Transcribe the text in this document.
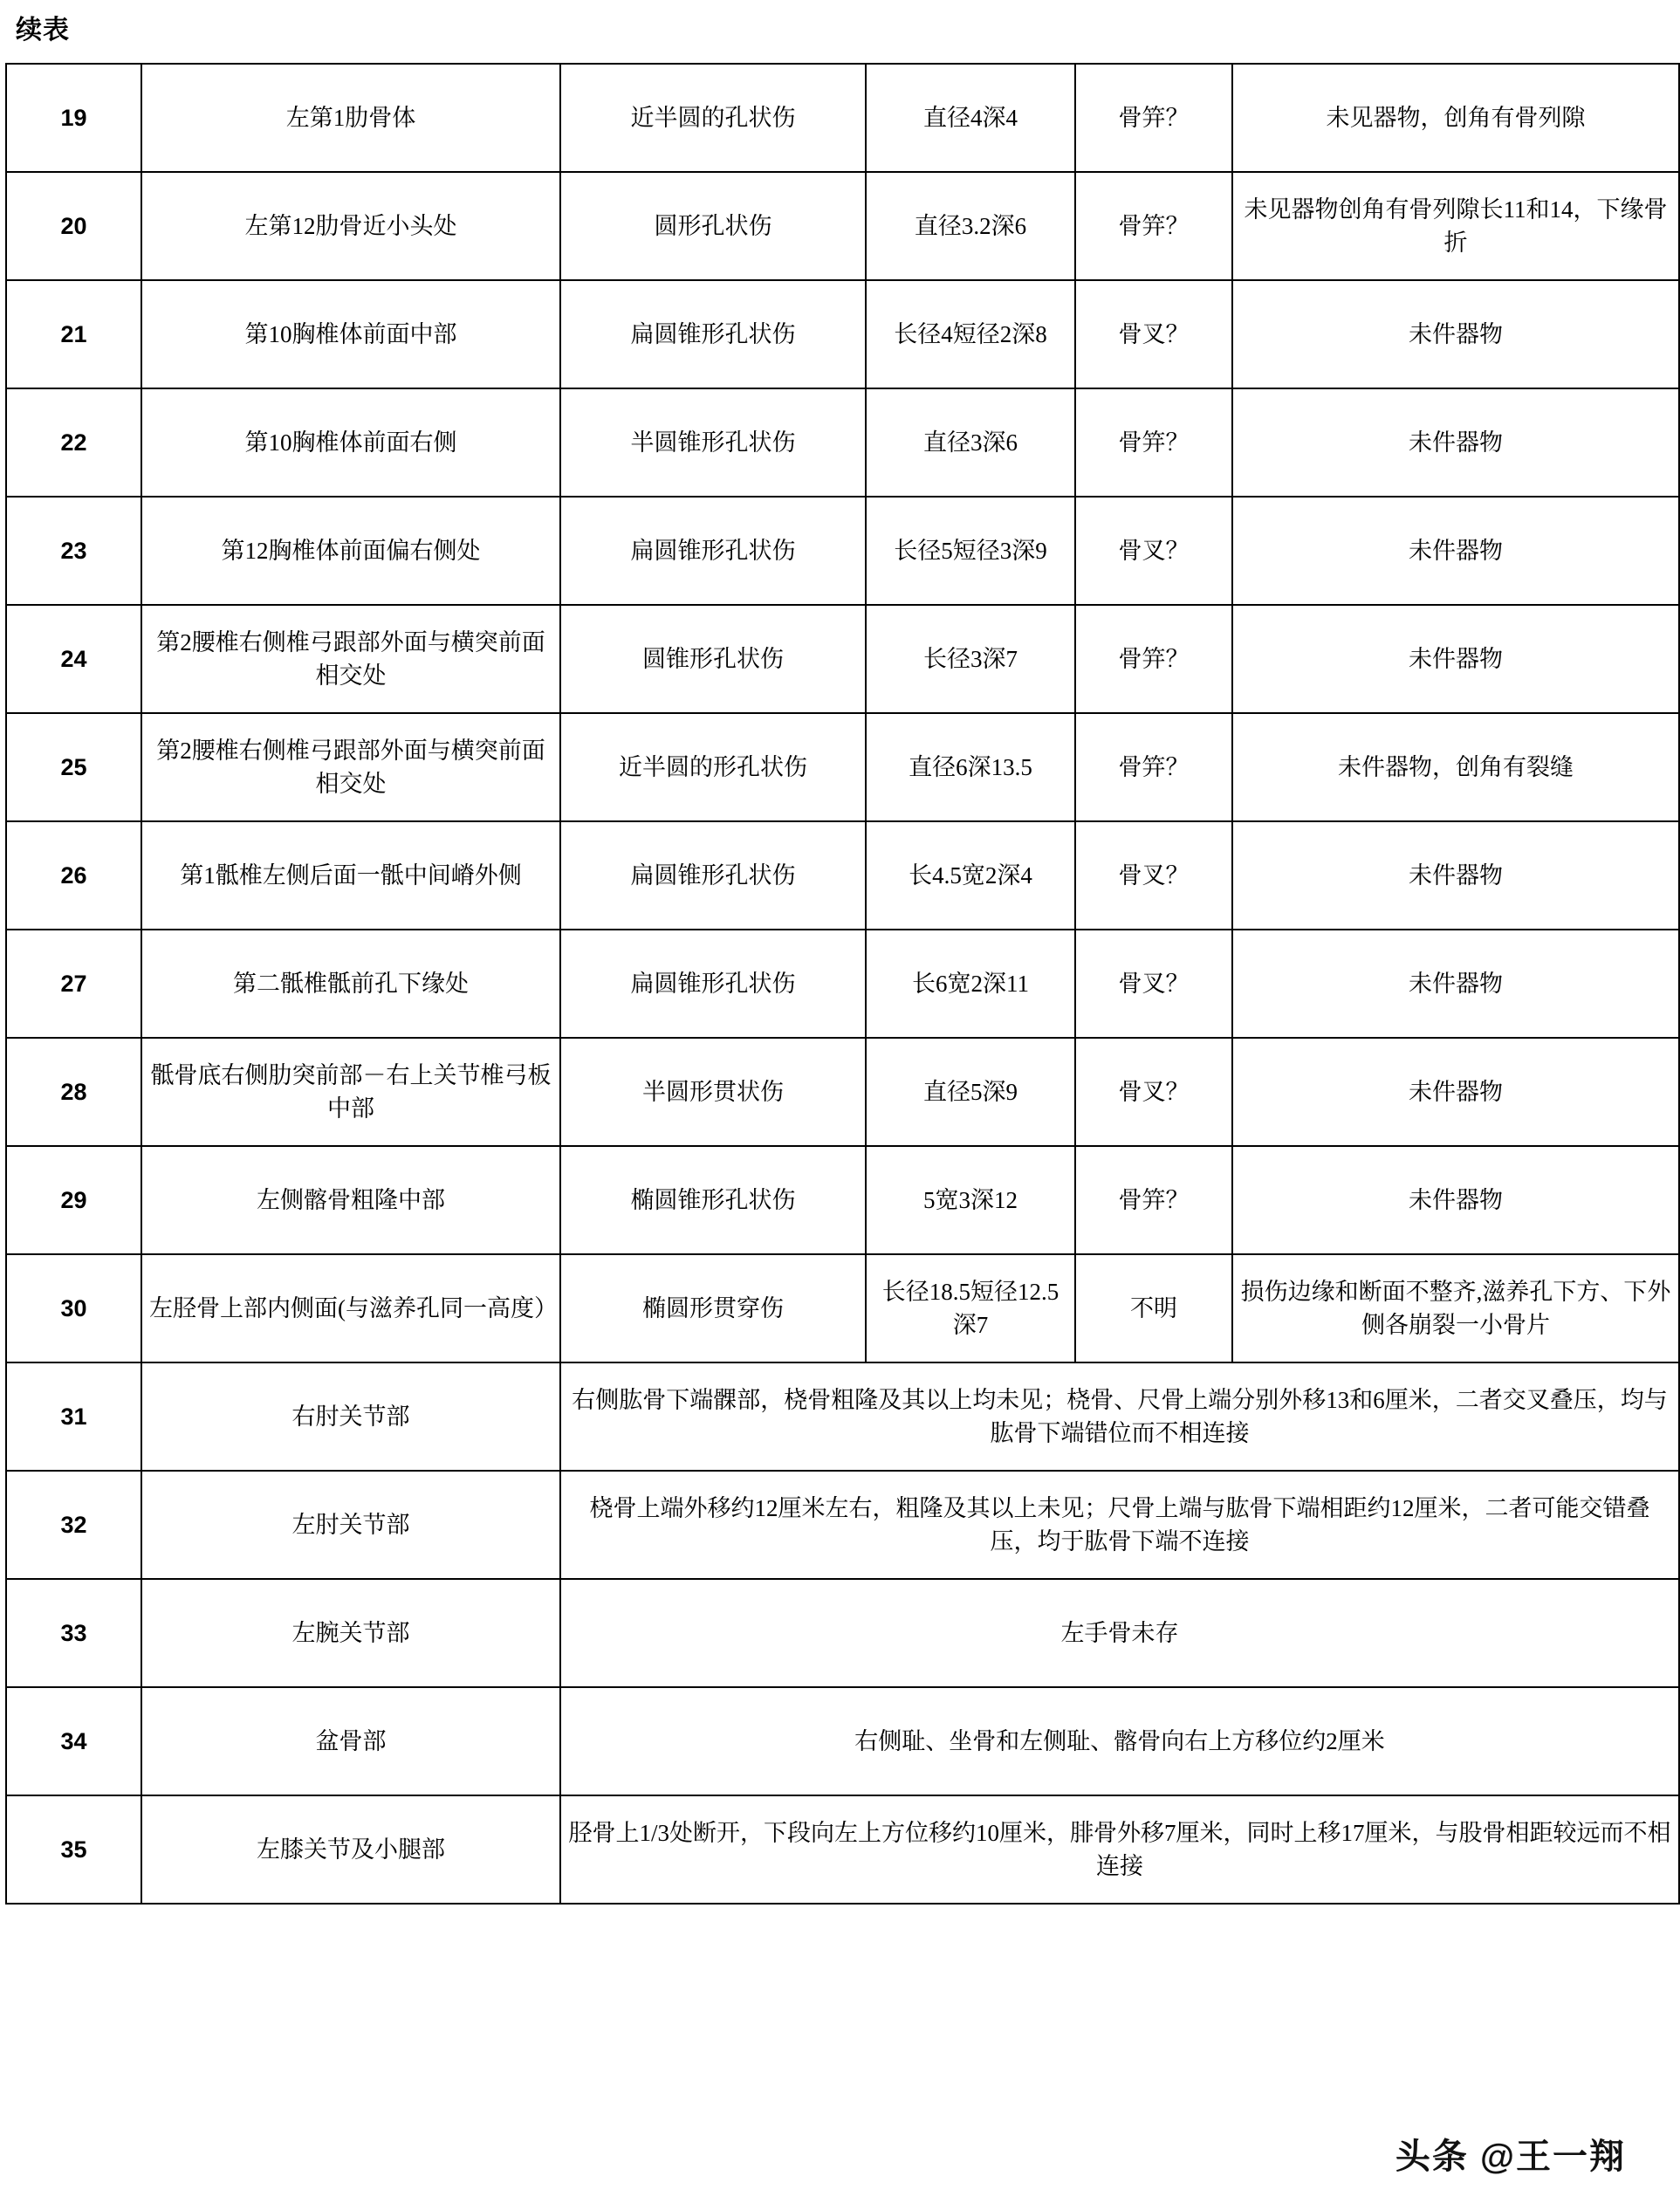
续表
19	左第1肋骨体	近半圆的孔状伤	直径4深4	骨笄？	未见器物，创角有骨列隙
20	左第12肋骨近小头处	圆形孔状伤	直径3.2深6	骨笄？	未见器物创角有骨列隙长11和14，下缘骨折
21	第10胸椎体前面中部	扁圆锥形孔状伤	长径4短径2深8	骨叉？	未件器物
22	第10胸椎体前面右侧	半圆锥形孔状伤	直径3深6	骨笄？	未件器物
23	第12胸椎体前面偏右侧处	扁圆锥形孔状伤	长径5短径3深9	骨叉？	未件器物
24	第2腰椎右侧椎弓跟部外面与横突前面相交处	圆锥形孔状伤	长径3深7	骨笄？	未件器物
25	第2腰椎右侧椎弓跟部外面与横突前面相交处	近半圆的形孔状伤	直径6深13.5	骨笄？	未件器物，创角有裂缝
26	第1骶椎左侧后面一骶中间嵴外侧	扁圆锥形孔状伤	长4.5宽2深4	骨叉？	未件器物
27	第二骶椎骶前孔下缘处	扁圆锥形孔状伤	长6宽2深11	骨叉？	未件器物
28	骶骨底右侧肋突前部－右上关节椎弓板中部	半圆形贯状伤	直径5深9	骨叉？	未件器物
29	左侧髂骨粗隆中部	椭圆锥形孔状伤	5宽3深12	骨笄？	未件器物
30	左胫骨上部内侧面(与滋养孔同一高度）	椭圆形贯穿伤	长径18.5短径12.5深7	不明	损伤边缘和断面不整齐,滋养孔下方、下外侧各崩裂一小骨片
31	右肘关节部	右侧肱骨下端髁部，桡骨粗隆及其以上均未见；桡骨、尺骨上端分别外移13和6厘米，二者交叉叠压，均与肱骨下端错位而不相连接			
32	左肘关节部	桡骨上端外移约12厘米左右，粗隆及其以上未见；尺骨上端与肱骨下端相距约12厘米，二者可能交错叠压，均于肱骨下端不连接			
33	左腕关节部	左手骨未存			
34	盆骨部	右侧耻、坐骨和左侧耻、髂骨向右上方移位约2厘米			
35	左膝关节及小腿部	胫骨上1/3处断开，下段向左上方位移约10厘米，腓骨外移7厘米，同时上移17厘米，与股骨相距较远而不相连接			
头条 @王一翔
